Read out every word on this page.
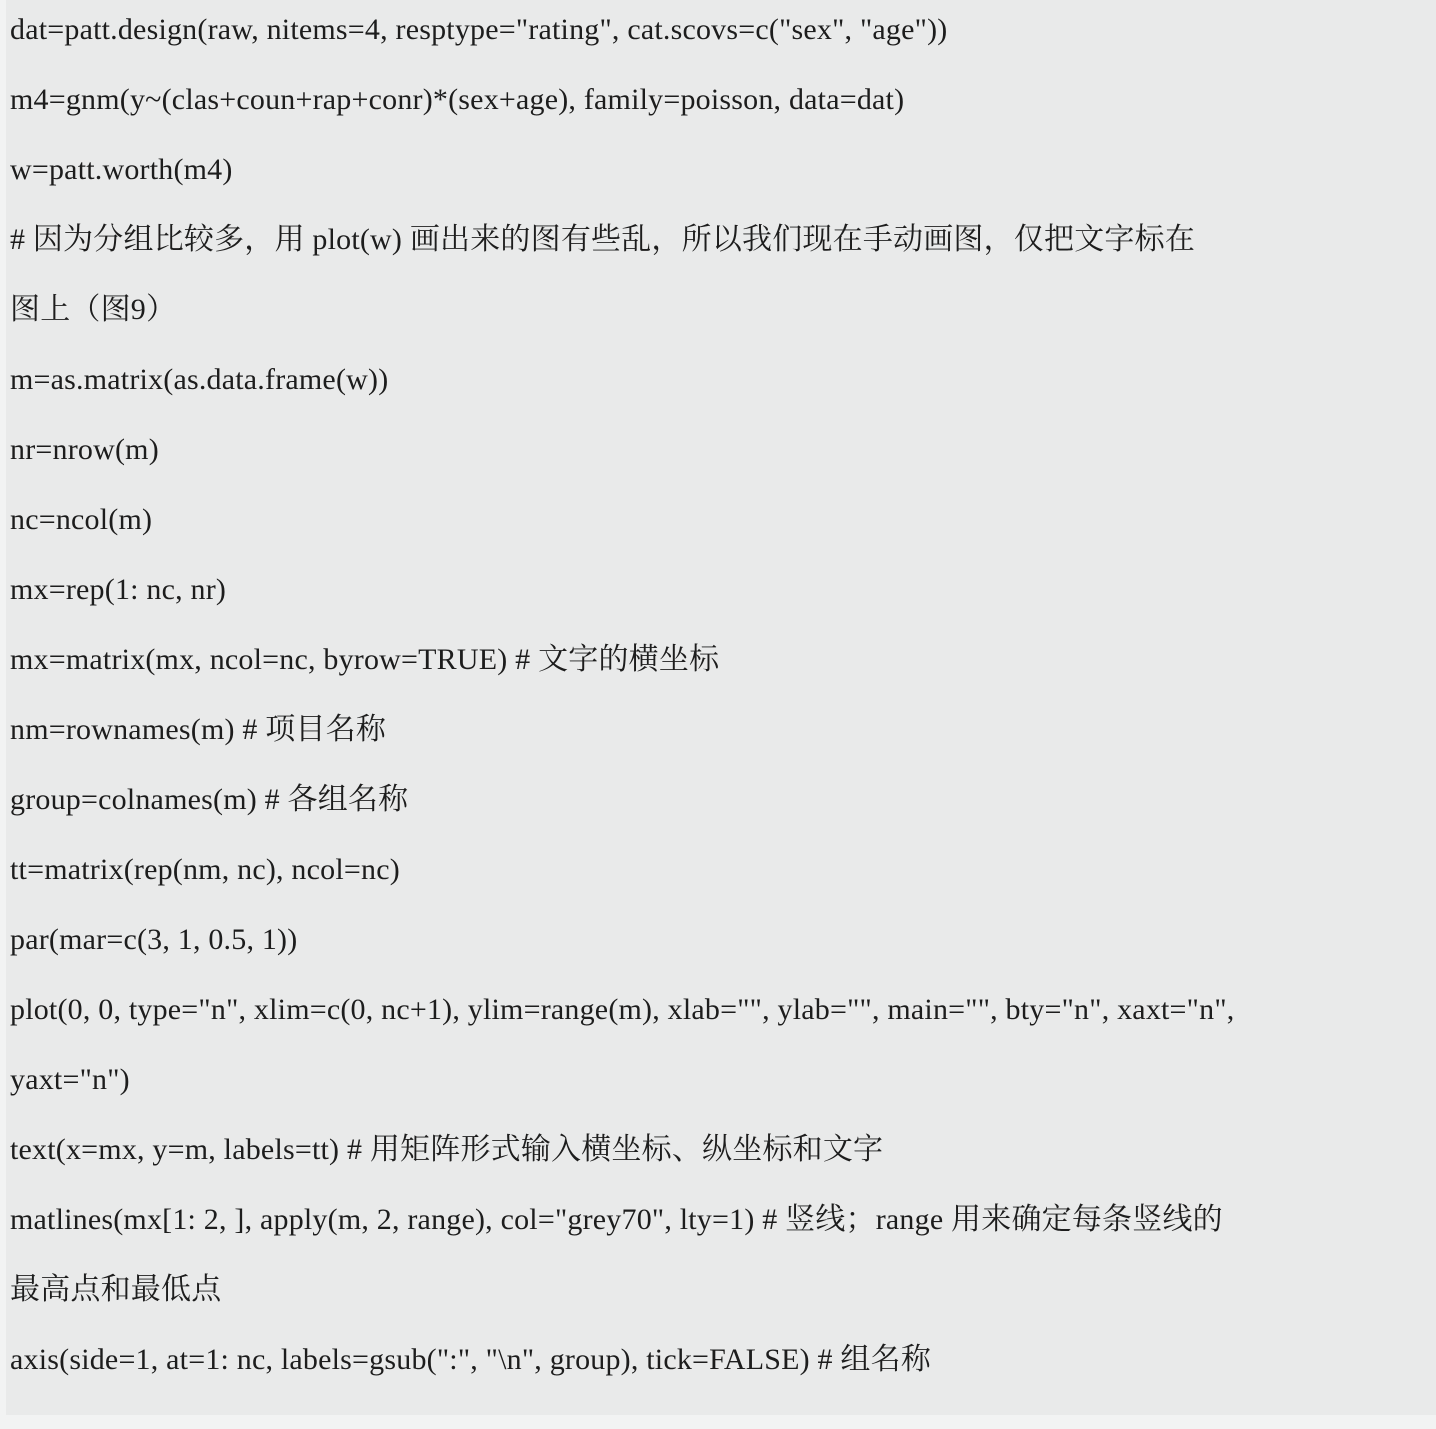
dat=patt.design(raw, nitems=4, resptype="rating", cat.scovs=c("sex", "age"))
m4=gnm(y~(clas+coun+rap+conr)*(sex+age), family=poisson, data=dat)
w=patt.worth(m4)
# 因为分组比较多，用 plot(w) 画出来的图有些乱，所以我们现在手动画图，仅把文字标在
图上（图9）
m=as.matrix(as.data.frame(w))
nr=nrow(m)
nc=ncol(m)
mx=rep(1: nc, nr)
mx=matrix(mx, ncol=nc, byrow=TRUE) # 文字的横坐标
nm=rownames(m) # 项目名称
group=colnames(m) # 各组名称
tt=matrix(rep(nm, nc), ncol=nc)
par(mar=c(3, 1, 0.5, 1))
plot(0, 0, type="n", xlim=c(0, nc+1), ylim=range(m), xlab="", ylab="", main="", bty="n", xaxt="n",
yaxt="n")
text(x=mx, y=m, labels=tt) # 用矩阵形式输入横坐标、纵坐标和文字
matlines(mx[1: 2, ], apply(m, 2, range), col="grey70", lty=1) # 竖线；range 用来确定每条竖线的
最高点和最低点
axis(side=1, at=1: nc, labels=gsub(":", "\n", group), tick=FALSE) # 组名称
